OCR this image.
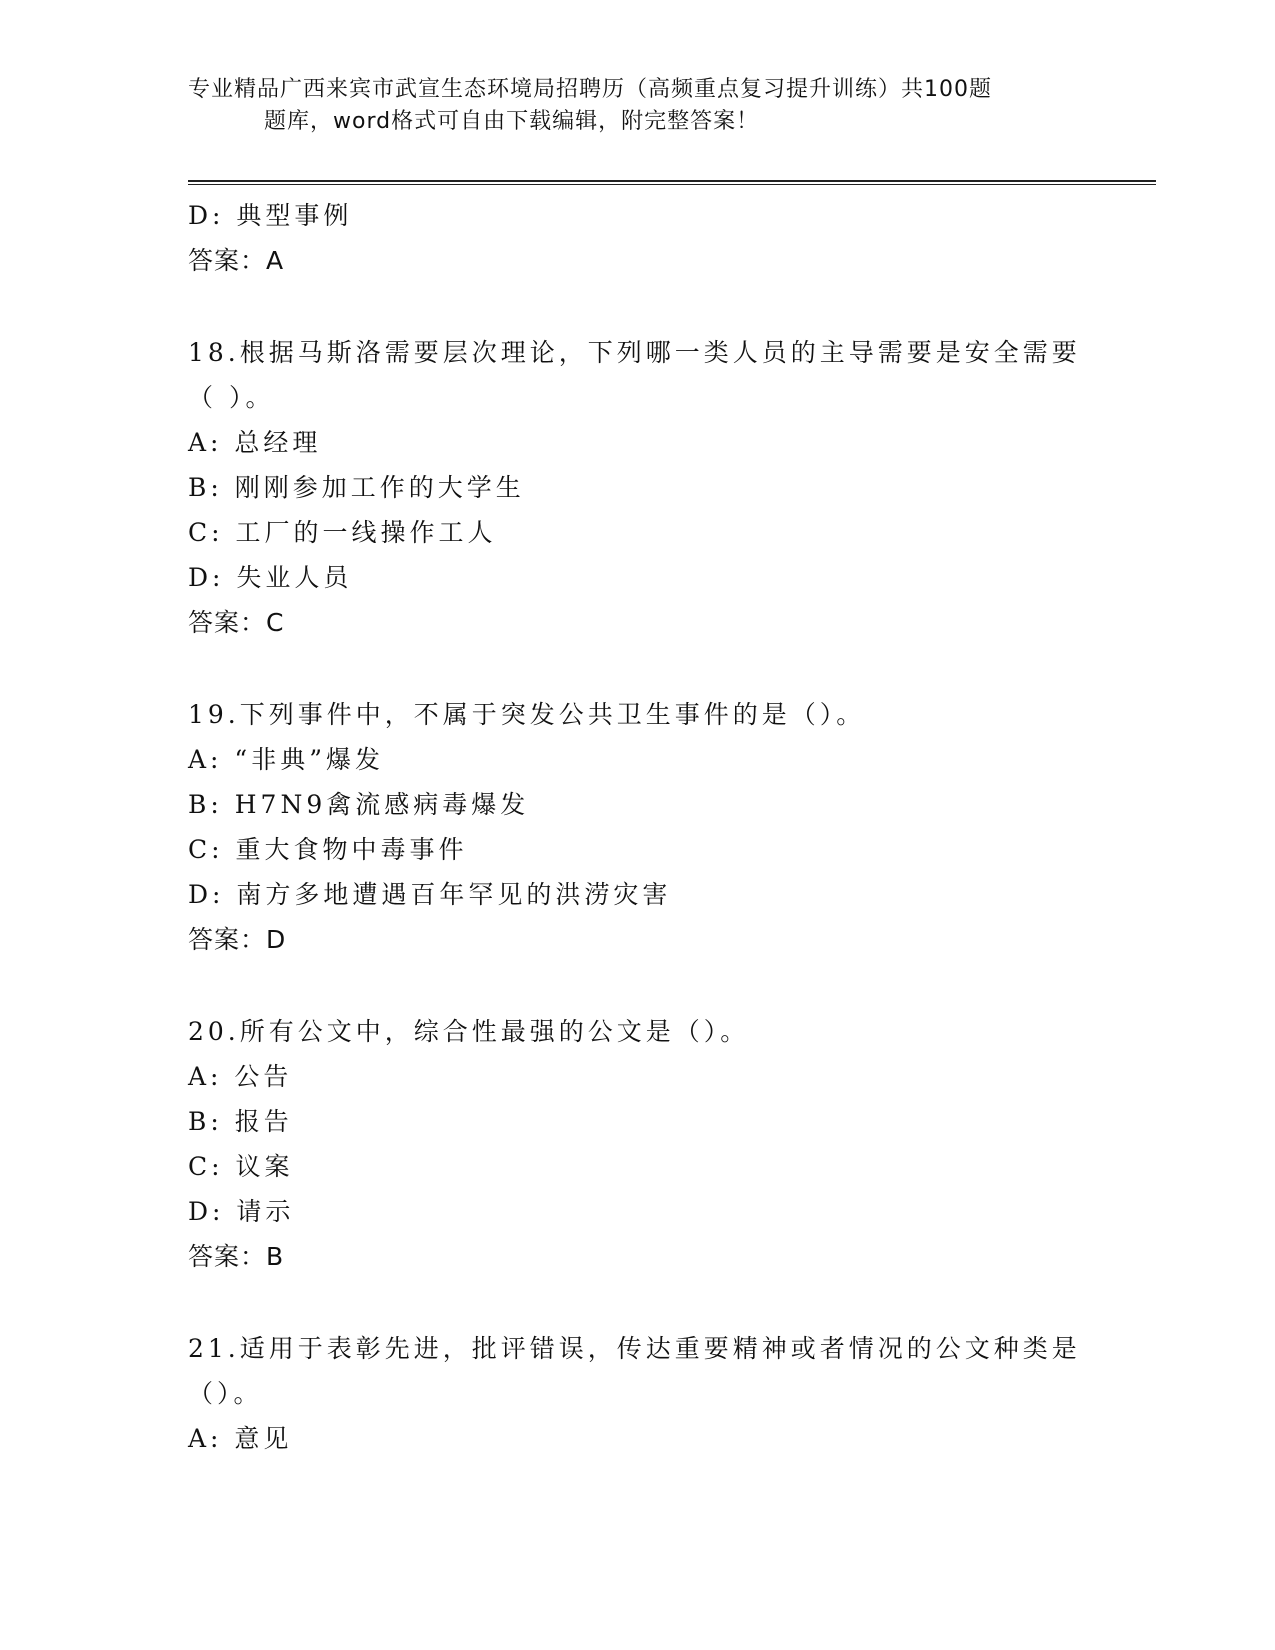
专业精品广西来宾市武宣生态环境局招聘历（高频重点复习提升训练）共100题
题库，word格式可自由下载编辑，附完整答案！
D: 典型事例
答案：A
18.根据马斯洛需要层次理论，下列哪一类人员的主导需要是安全需要
（ ）。
A: 总经理
B: 刚刚参加工作的大学生
C: 工厂的一线操作工人
D: 失业人员
答案：C
19.下列事件中，不属于突发公共卫生事件的是（）。
A: “非典”爆发
B: H7N9禽流感病毒爆发
C: 重大食物中毒事件
D: 南方多地遭遇百年罕见的洪涝灾害
答案：D
20.所有公文中，综合性最强的公文是（）。
A: 公告
B: 报告
C: 议案
D: 请示
答案：B
21.适用于表彰先进，批评错误，传达重要精神或者情况的公文种类是
（）。
A: 意见
